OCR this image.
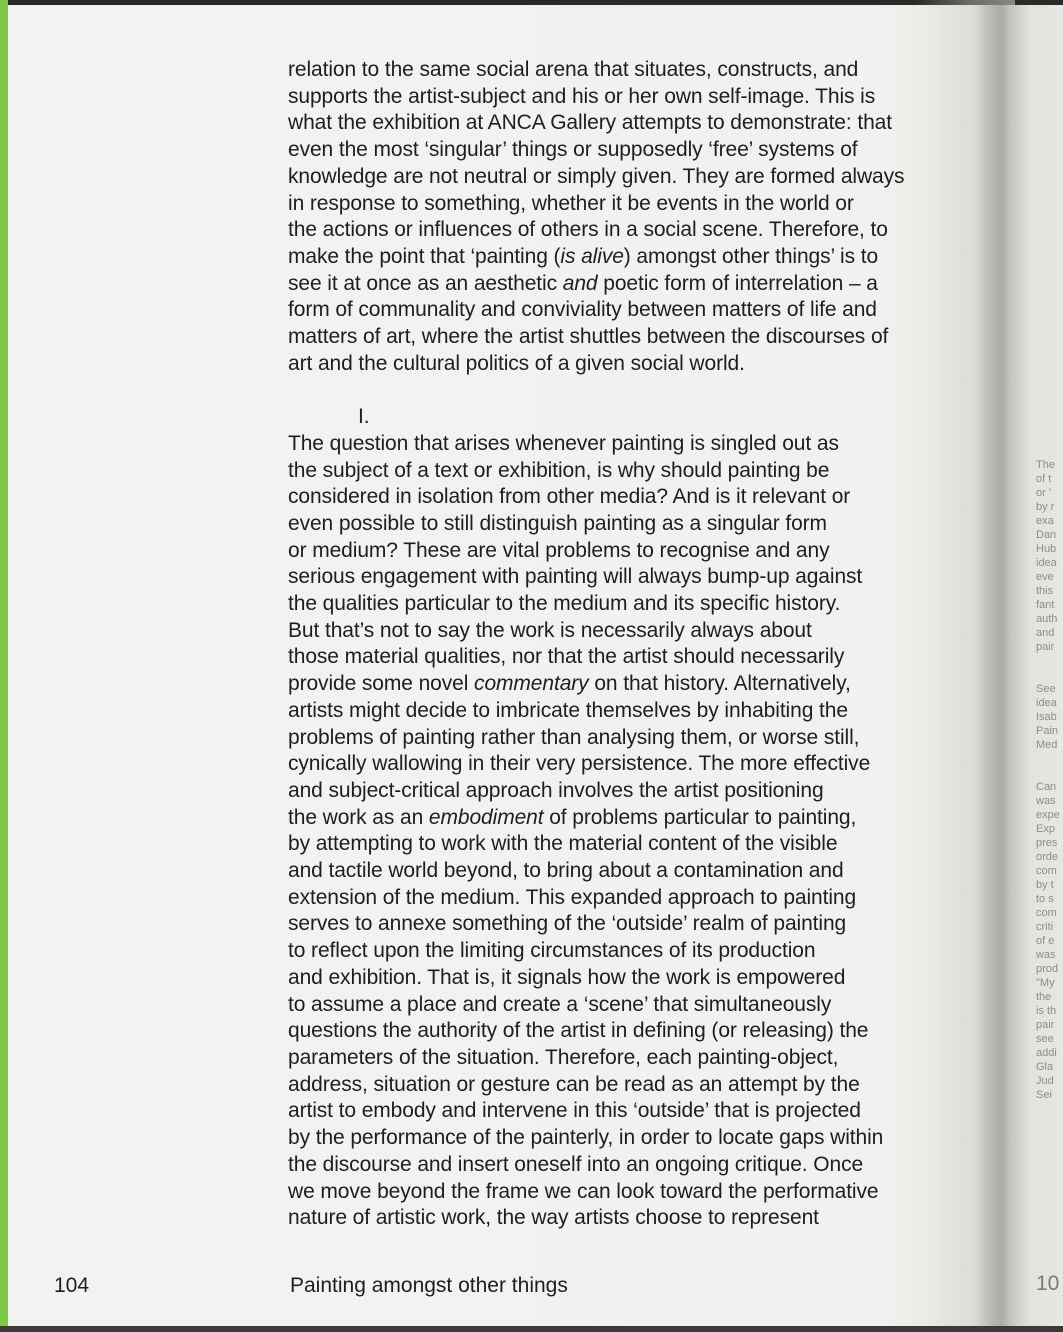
relation to the same social arena that situates, constructs, and
supports the artist-subject and his or her own self-image. This is
what the exhibition at ANCA Gallery attempts to demonstrate: that
even the most ‘singular’ things or supposedly ‘free’ systems of
knowledge are not neutral or simply given. They are formed always
in response to something, whether it be events in the world or
the actions or influences of others in a social scene. Therefore, to
make the point that ‘painting (is alive) amongst other things’ is to
see it at once as an aesthetic and poetic form of interrelation – a
form of communality and conviviality between matters of life and
matters of art, where the artist shuttles between the discourses of
art and the cultural politics of a given social world.
I.
The question that arises whenever painting is singled out as
the subject of a text or exhibition, is why should painting be
considered in isolation from other media? And is it relevant or
even possible to still distinguish painting as a singular form
or medium? These are vital problems to recognise and any
serious engagement with painting will always bump-up against
the qualities particular to the medium and its specific history.
But that’s not to say the work is necessarily always about
those material qualities, nor that the artist should necessarily
provide some novel commentary on that history. Alternatively,
artists might decide to imbricate themselves by inhabiting the
problems of painting rather than analysing them, or worse still,
cynically wallowing in their very persistence. The more effective
and subject-critical approach involves the artist positioning
the work as an embodiment of problems particular to painting,
by attempting to work with the material content of the visible
and tactile world beyond, to bring about a contamination and
extension of the medium. This expanded approach to painting
serves to annexe something of the ‘outside’ realm of painting
to reflect upon the limiting circumstances of its production
and exhibition. That is, it signals how the work is empowered
to assume a place and create a ‘scene’ that simultaneously
questions the authority of the artist in defining (or releasing) the
parameters of the situation. Therefore, each painting-object,
address, situation or gesture can be read as an attempt by the
artist to embody and intervene in this ‘outside’ that is projected
by the performance of the painterly, in order to locate gaps within
the discourse and insert oneself into an ongoing critique. Once
we move beyond the frame we can look toward the performative
nature of artistic work, the way artists choose to represent
104	Painting amongst other things
The
of t
or '
by r
exa
Dan
Hub
idea
eve
this
fant
auth
and
pair
See
idea
Isab
Pain
Med
Can
was
expe
Exp
pres
orde
com
by t
to s
com
criti
of e
was
prod
"My
the
is th
pair
see
addi
Gla
Jud
Sei
10
